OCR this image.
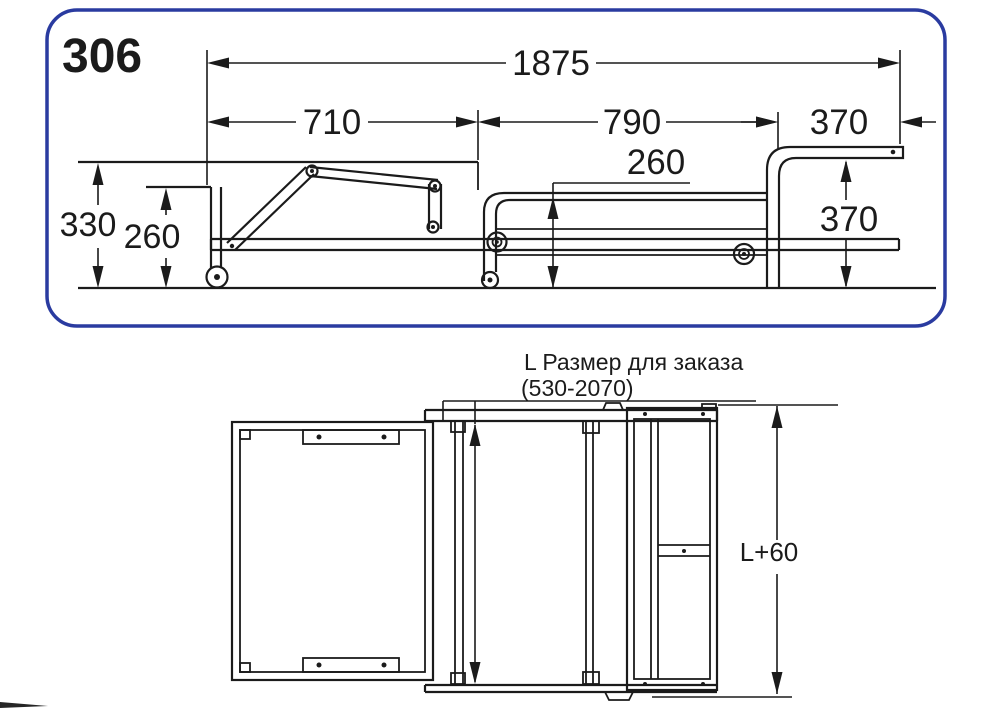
306	1875
710	790	370
330 260
260
370
L Размер для заказа
(530-2070)
L+60
